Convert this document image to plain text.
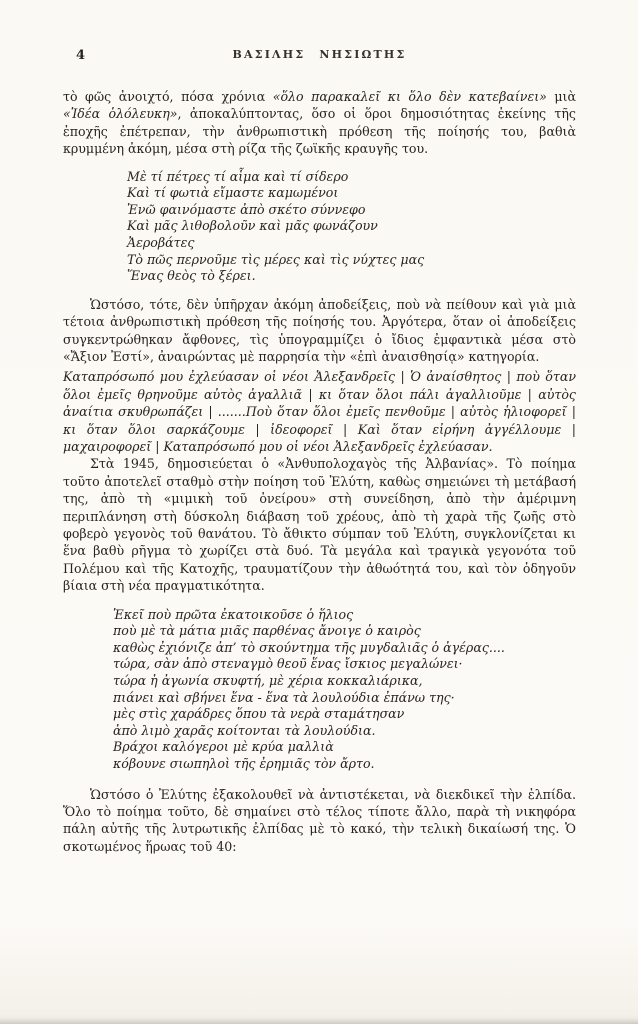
4	ΒΑΣΙΛΗΣ ΝΗΣΙΩΤΗΣ

τὸ φῶς ἀνοιχτό, πόσα χρόνια «ὅλο παρακαλεῖ κι ὅλο δὲν κατεβαίνει» μιὰ «Ἰδέα ὁλόλευκη», ἀποκαλύπτοντας, ὅσο οἱ ὅροι δημοσιότητας ἐκείνης τῆς ἐποχῆς ἐπέτρεπαν, τὴν ἀνθρωπιστικὴ πρόθεση τῆς ποίησής του, βαθιὰ κρυμμένη ἀκόμη, μέσα στὴ ρίζα τῆς ζωϊκῆς κραυγῆς του.

Μὲ τί πέτρες τί αἷμα καὶ τί σίδερο
Καὶ τί φωτιὰ εἴμαστε καμωμένοι
Ἐνῶ φαινόμαστε ἀπὸ σκέτο σύννεφο
Καὶ μᾶς λιθοβολοῦν καὶ μᾶς φωνάζουν
Ἀεροβάτες
Τὸ πῶς περνοῦμε τὶς μέρες καὶ τὶς νύχτες μας
Ἕνας θεὸς τὸ ξέρει.

Ὡστόσο, τότε, δὲν ὑπῆρχαν ἀκόμη ἀποδείξεις, ποὺ νὰ πείθουν καὶ γιὰ μιὰ τέτοια ἀνθρωπιστικὴ πρόθεση τῆς ποίησής του. Ἀργότερα, ὅταν οἱ ἀποδείξεις συγκεντρώθηκαν ἄφθονες, τὶς ὑπογραμμίζει ὁ ἴδιος ἐμφαντικὰ μέσα στὸ «Ἄξιον Ἐστί», ἀναιρώντας μὲ παρρησία τὴν «ἐπὶ ἀναισθησίᾳ» κατηγορία.

Καταπρόσωπό μου ἐχλεύασαν οἱ νέοι Ἀλεξανδρεῖς | Ὁ ἀναίσθητος | ποὺ ὅταν ὅλοι ἐμεῖς θρηνοῦμε αὐτὸς ἀγαλλιᾶ | κι ὅταν ὅλοι πάλι ἀγαλλιοῦμε | αὐτὸς ἀναίτια σκυθρωπάζει | .......Ποὺ ὅταν ὅλοι ἐμεῖς πενθοῦμε | αὐτὸς ἡλιοφορεῖ | κι ὅταν ὅλοι σαρκάζουμε | ἰδεοφορεῖ | Καὶ ὅταν εἰρήνη ἀγγέλλουμε | μαχαιροφορεῖ | Καταπρόσωπό μου οἱ νέοι Ἀλεξανδρεῖς ἐχλεύασαν.

Στὰ 1945, δημοσιεύεται ὁ «Ἀνθυπολοχαγὸς τῆς Ἀλβανίας». Τὸ ποίημα τοῦτο ἀποτελεῖ σταθμὸ στὴν ποίηση τοῦ Ἐλύτη, καθὼς σημειώνει τὴ μετάβασή της, ἀπὸ τὴ «μιμικὴ τοῦ ὀνείρου» στὴ συνείδηση, ἀπὸ τὴν ἀμέριμνη περιπλάνηση στὴ δύσκολη διάβαση τοῦ χρέους, ἀπὸ τὴ χαρὰ τῆς ζωῆς στὸ φοβερὸ γεγονὸς τοῦ θανάτου. Τὸ ἄθικτο σύμπαν τοῦ Ἐλύτη, συγκλονίζεται κι ἕνα βαθὺ ρῆγμα τὸ χωρίζει στὰ δυό. Τὰ μεγάλα καὶ τραγικὰ γεγονότα τοῦ Πολέμου καὶ τῆς Κατοχῆς, τραυματίζουν τὴν ἀθωότητά του, καὶ τὸν ὁδηγοῦν βίαια στὴ νέα πραγματικότητα.

Ἐκεῖ ποὺ πρῶτα ἐκατοικοῦσε ὁ ἥλιος
ποὺ μὲ τὰ μάτια μιᾶς παρθένας ἄνοιγε ὁ καιρὸς
καθὼς ἐχιόνιζε ἀπ’ τὸ σκούντημα τῆς μυγδαλιᾶς ὁ ἀγέρας....
τώρα, σὰν ἀπὸ στεναγμὸ θεοῦ ἕνας ἴσκιος μεγαλώνει·
τώρα ἡ ἀγωνία σκυφτή, μὲ χέρια κοκκαλιάρικα,
πιάνει καὶ σβήνει ἕνα - ἕνα τὰ λουλούδια ἐπάνω της·
μὲς στὶς χαράδρες ὅπου τὰ νερὰ σταμάτησαν
ἀπὸ λιμὸ χαρᾶς κοίτονται τὰ λουλούδια.
Βράχοι καλόγεροι μὲ κρύα μαλλιὰ
κόβουνε σιωπηλοὶ τῆς ἐρημιᾶς τὸν ἄρτο.

Ὡστόσο ὁ Ἐλύτης ἐξακολουθεῖ νὰ ἀντιστέκεται, νὰ διεκδικεῖ τὴν ἐλπίδα. Ὅλο τὸ ποίημα τοῦτο, δὲ σημαίνει στὸ τέλος τίποτε ἄλλο, παρὰ τὴ νικηφόρα πάλη αὐτῆς τῆς λυτρωτικῆς ἐλπίδας μὲ τὸ κακό, τὴν τελικὴ δικαίωσή της. Ὁ σκοτωμένος ἥρωας τοῦ 40:
